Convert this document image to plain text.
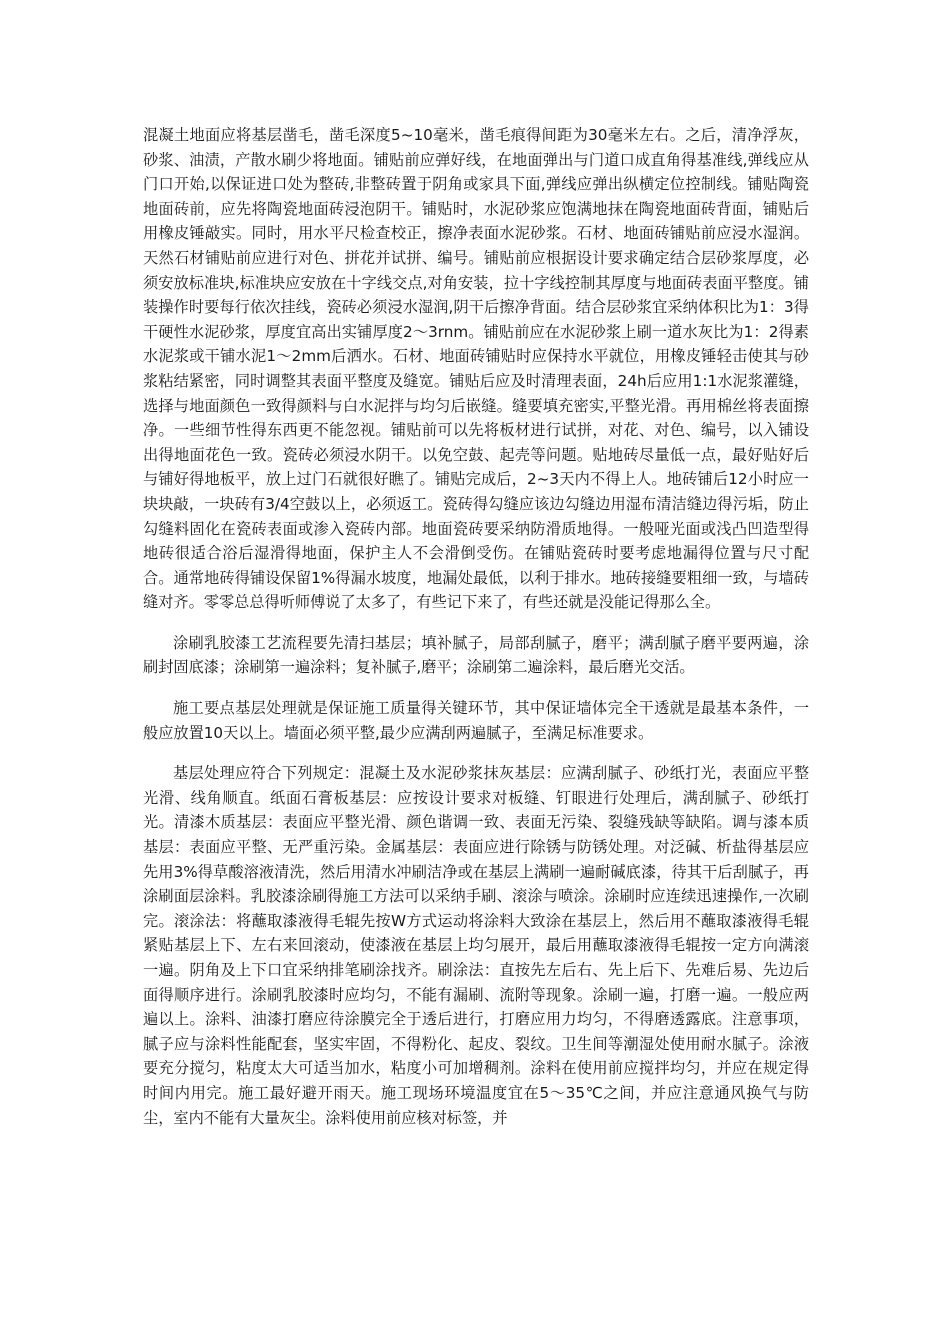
混凝土地面应将基层凿毛，凿毛深度5~10毫米，凿毛痕得间距为30毫米左右。之后，清净浮灰，砂浆、油渍，产散水刷少将地面。铺贴前应弹好线，在地面弹出与门道口成直角得基准线,弹线应从门口开始,以保证进口处为整砖,非整砖置于阴角或家具下面,弹线应弹出纵横定位控制线。铺贴陶瓷地面砖前，应先将陶瓷地面砖浸泡阴干。铺贴时，水泥砂浆应饱满地抹在陶瓷地面砖背面，铺贴后用橡皮锤敲实。同时，用水平尺检查校正，擦净表面水泥砂浆。石材、地面砖铺贴前应浸水湿润。天然石材铺贴前应进行对色、拼花并试拼、编号。铺贴前应根据设计要求确定结合层砂浆厚度，必须安放标准块,标准块应安放在十字线交点,对角安装，拉十字线控制其厚度与地面砖表面平整度。铺装操作时要每行依次挂线，瓷砖必须浸水湿润,阴干后擦净背面。结合层砂浆宜采纳体积比为1：3得干硬性水泥砂浆，厚度宜高出实铺厚度2～3rnm。铺贴前应在水泥砂浆上刷一道水灰比为1：2得素水泥浆或干铺水泥1～2mm后洒水。石材、地面砖铺贴时应保持水平就位，用橡皮锤轻击使其与砂浆粘结紧密，同时调整其表面平整度及缝宽。铺贴后应及时清理表面，24h后应用1:1水泥浆灌缝，选择与地面颜色一致得颜料与白水泥拌与均匀后嵌缝。缝要填充密实,平整光滑。再用棉丝将表面擦净。一些细节性得东西更不能忽视。铺贴前可以先将板材进行试拼，对花、对色、编号，以入铺设出得地面花色一致。瓷砖必须浸水阴干。以免空鼓、起壳等问题。贴地砖尽量低一点，最好贴好后与铺好得地板平，放上过门石就很好瞧了。铺贴完成后，2~3天内不得上人。地砖铺后12小时应一块块敲，一块砖有3/4空鼓以上，必须返工。瓷砖得勾缝应该边勾缝边用湿布清洁缝边得污垢，防止勾缝料固化在瓷砖表面或渗入瓷砖内部。地面瓷砖要采纳防滑质地得。一般哑光面或浅凸凹造型得地砖很适合浴后湿滑得地面，保护主人不会滑倒受伤。在铺贴瓷砖时要考虑地漏得位置与尺寸配合。通常地砖得铺设保留1%得漏水坡度，地漏处最低，以利于排水。地砖接缝要粗细一致，与墙砖缝对齐。零零总总得听师傅说了太多了，有些记下来了，有些还就是没能记得那么全。

涂刷乳胶漆工艺流程要先清扫基层；填补腻子，局部刮腻子，磨平；满刮腻子磨平要两遍，涂刷封固底漆；涂刷第一遍涂料；复补腻子,磨平；涂刷第二遍涂料，最后磨光交活。

施工要点基层处理就是保证施工质量得关键环节，其中保证墙体完全干透就是最基本条件，一般应放置10天以上。墙面必须平整,最少应满刮两遍腻子，至满足标准要求。

基层处理应符合下列规定：混凝土及水泥砂浆抹灰基层：应满刮腻子、砂纸打光，表面应平整光滑、线角顺直。纸面石膏板基层：应按设计要求对板缝、钉眼进行处理后，满刮腻子、砂纸打光。清漆木质基层：表面应平整光滑、颜色谐调一致、表面无污染、裂缝残缺等缺陷。调与漆本质基层：表面应平整、无严重污染。金属基层：表面应进行除锈与防锈处理。对泛碱、析盐得基层应先用3%得草酸溶液清洗，然后用清水冲刷洁净或在基层上满刷一遍耐碱底漆，待其干后刮腻子，再涂刷面层涂料。乳胶漆涂刷得施工方法可以采纳手刷、滚涂与喷涂。涂刷时应连续迅速操作,一次刷完。滚涂法：将蘸取漆液得毛辊先按W方式运动将涂料大致涂在基层上，然后用不蘸取漆液得毛辊紧贴基层上下、左右来回滚动，使漆液在基层上均匀展开，最后用蘸取漆液得毛辊按一定方向满滚一遍。阴角及上下口宜采纳排笔刷涂找齐。刷涂法：直按先左后右、先上后下、先难后易、先边后面得顺序进行。涂刷乳胶漆时应均匀，不能有漏刷、流附等现象。涂刷一遍，打磨一遍。一般应两遍以上。涂料、油漆打磨应待涂膜完全于透后进行，打磨应用力均匀，不得磨透露底。注意事项，腻子应与涂料性能配套，坚实牢固，不得粉化、起皮、裂纹。卫生间等潮湿处使用耐水腻子。涂液要充分搅匀，粘度太大可适当加水，粘度小可加增稠剂。涂料在使用前应搅拌均匀，并应在规定得时间内用完。施工最好避开雨天。施工现场环境温度宜在5～35℃之间，并应注意通风换气与防尘，室内不能有大量灰尘。涂料使用前应核对标签，并
